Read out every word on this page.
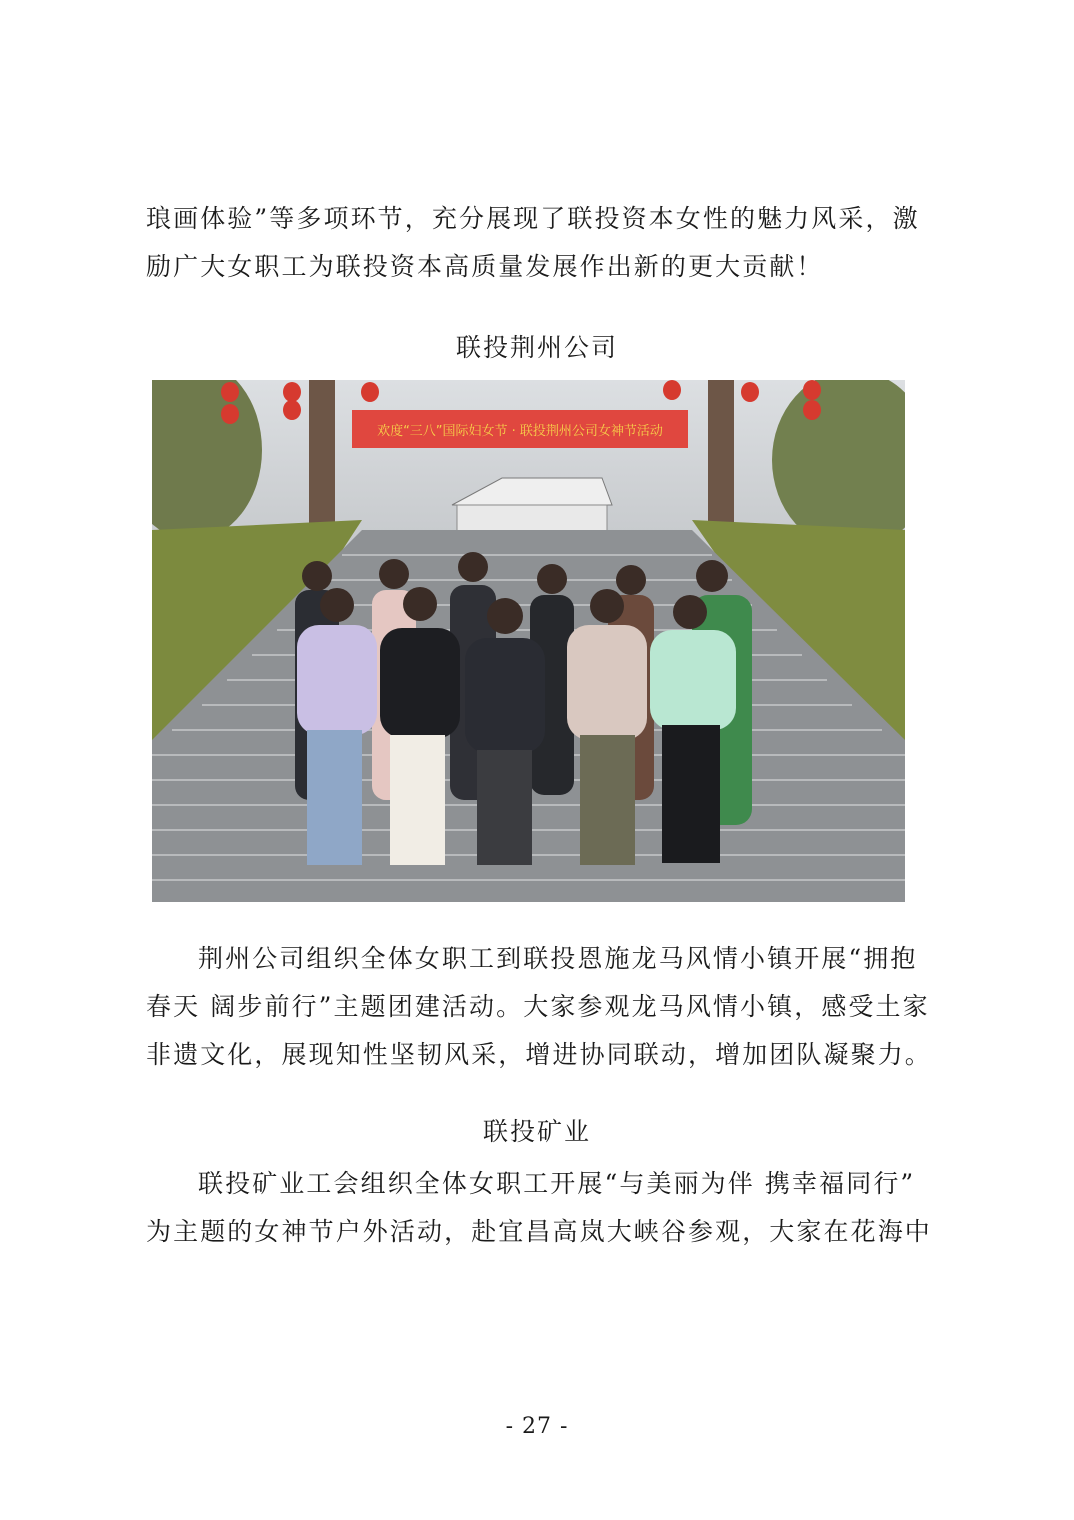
琅画体验”等多项环节，充分展现了联投资本女性的魅力风采，激
励广大女职工为联投资本高质量发展作出新的更大贡献！
联投荆州公司
欢度“三八”国际妇女节 · 联投荆州公司女神节活动
荆州公司组织全体女职工到联投恩施龙马风情小镇开展“拥抱
春天 阔步前行”主题团建活动。大家参观龙马风情小镇，感受土家
非遗文化，展现知性坚韧风采，增进协同联动，增加团队凝聚力。
联投矿业
联投矿业工会组织全体女职工开展“与美丽为伴 携幸福同行”
为主题的女神节户外活动，赴宜昌高岚大峡谷参观，大家在花海中
- 27 -
